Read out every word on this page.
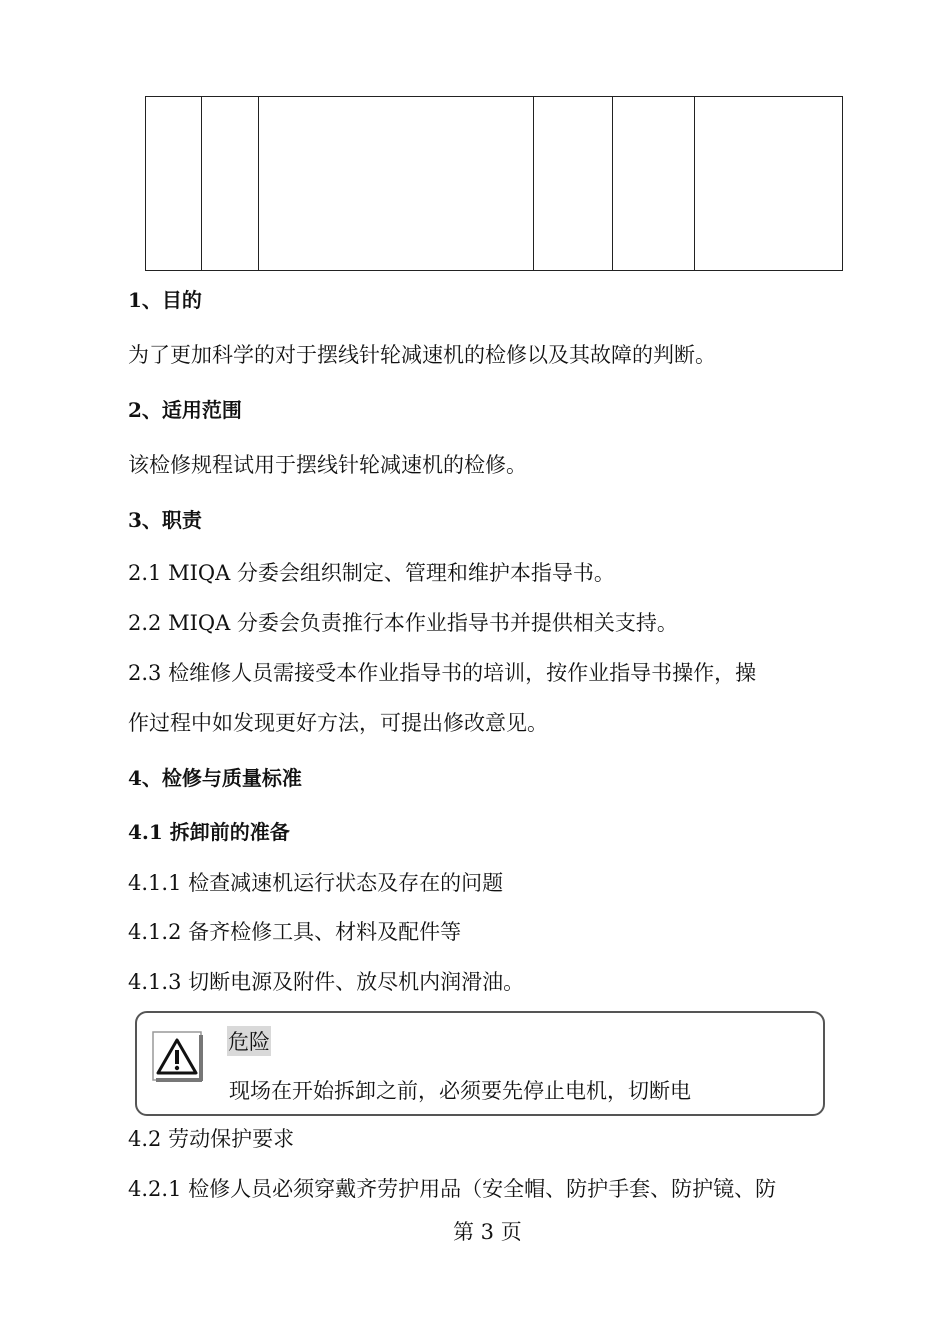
1、目的
为了更加科学的对于摆线针轮减速机的检修以及其故障的判断。
2、适用范围
该检修规程试用于摆线针轮减速机的检修。
3、职责
2.1 MIQA 分委会组织制定、管理和维护本指导书。
2.2 MIQA 分委会负责推行本作业指导书并提供相关支持。
2.3 检维修人员需接受本作业指导书的培训，按作业指导书操作，操
作过程中如发现更好方法，可提出修改意见。
4、检修与质量标准
4.1 拆卸前的准备
4.1.1 检查减速机运行状态及存在的问题
4.1.2 备齐检修工具、材料及配件等
4.1.3 切断电源及附件、放尽机内润滑油。
危险
现场在开始拆卸之前，必须要先停止电机，切断电
4.2 劳动保护要求
4.2.1 检修人员必须穿戴齐劳护用品（安全帽、防护手套、防护镜、防
第 3 页
